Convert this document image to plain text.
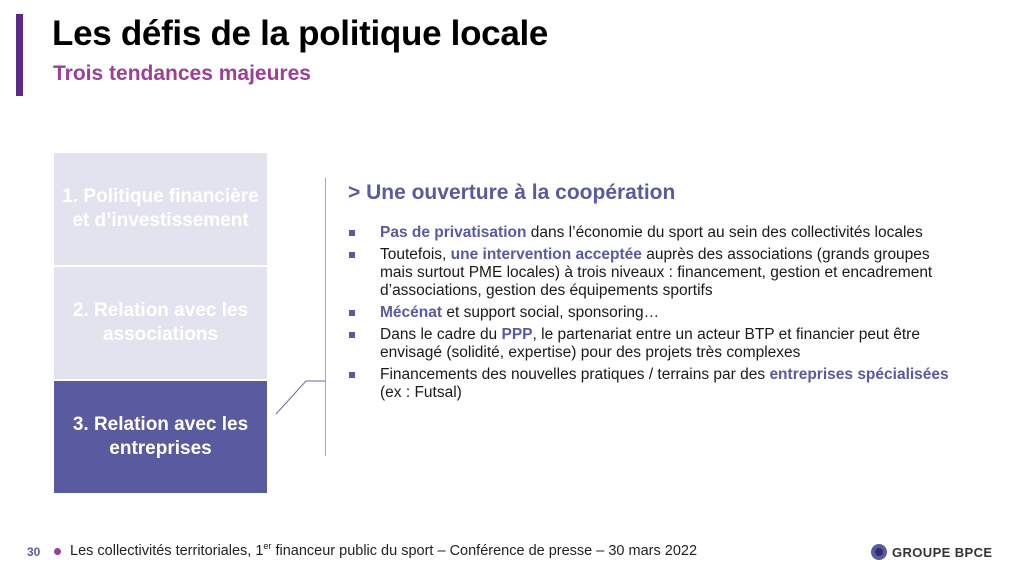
Les défis de la politique locale
Trois tendances majeures
1. Politique financière et d’investissement
2. Relation avec les associations
3. Relation avec les entreprises
> Une ouverture à la coopération
Pas de privatisation dans l’économie du sport au sein des collectivités locales
Toutefois, une intervention acceptée auprès des associations (grands groupes mais surtout PME locales) à trois niveaux : financement, gestion et encadrement d’associations, gestion des équipements sportifs
Mécénat et support social, sponsoring…
Dans le cadre du PPP, le partenariat entre un acteur BTP et financier peut être envisagé (solidité, expertise) pour des projets très complexes
Financements des nouvelles pratiques / terrains par des entreprises spécialisées (ex : Futsal)
30 Les collectivités territoriales, 1er financeur public du sport – Conférence de presse – 30 mars 2022	GROUPE BPCE
